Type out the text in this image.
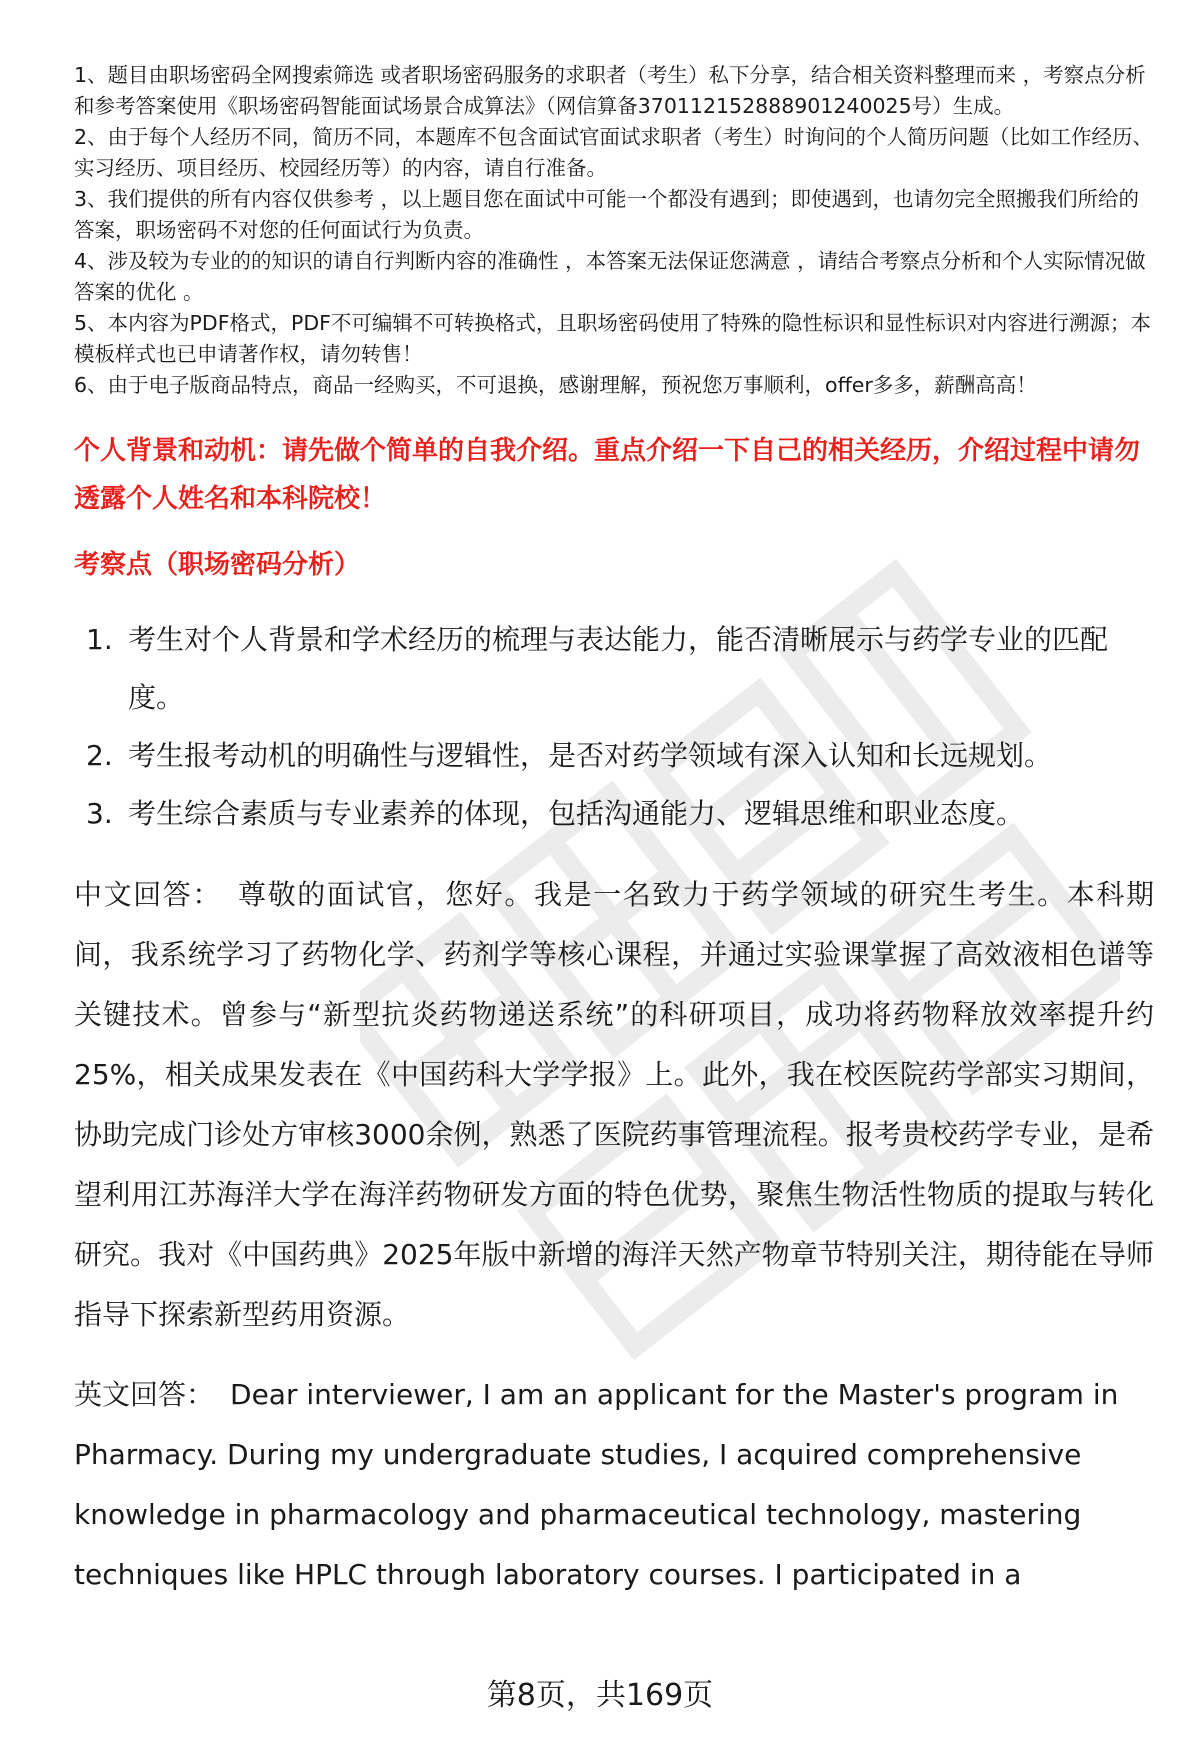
1、题目由职场密码全网搜索筛选 或者职场密码服务的求职者（考生）私下分享，结合相关资料整理而来 ，考察点分析和参考答案使用《职场密码智能面试场景合成算法》（网信算备370112152888901240025号）生成。

2、由于每个人经历不同，简历不同，本题库不包含面试官面试求职者（考生）时询问的个人简历问题（比如工作经历、实习经历、项目经历、校园经历等）的内容，请自行准备。

3、我们提供的所有内容仅供参考 ，以上题目您在面试中可能一个都没有遇到；即使遇到，也请勿完全照搬我们所给的答案，职场密码不对您的任何面试行为负责。

4、涉及较为专业的的知识的请自行判断内容的准确性 ，本答案无法保证您满意 ，请结合考察点分析和个人实际情况做答案的优化 。

5、本内容为PDF格式，PDF不可编辑不可转换格式，且职场密码使用了特殊的隐性标识和显性标识对内容进行溯源；本模板样式也已申请著作权，请勿转售！

6、由于电子版商品特点，商品一经购买，不可退换，感谢理解，预祝您万事顺利，offer多多，薪酬高高！

个人背景和动机：请先做个简单的自我介绍。重点介绍一下自己的相关经历，介绍过程中请勿透露个人姓名和本科院校！
考察点（职场密码分析）
1. 考生对个人背景和学术经历的梳理与表达能力，能否清晰展示与药学专业的匹配度。
2. 考生报考动机的明确性与逻辑性，是否对药学领域有深入认知和长远规划。
3. 考生综合素质与专业素养的体现，包括沟通能力、逻辑思维和职业态度。
中文回答： 尊敬的面试官，您好。我是一名致力于药学领域的研究生考生。本科期间，我系统学习了药物化学、药剂学等核心课程，并通过实验课掌握了高效液相色谱等关键技术。曾参与“新型抗炎药物递送系统”的科研项目，成功将药物释放效率提升约25%，相关成果发表在《中国药科大学学报》上。此外，我在校医院药学部实习期间，协助完成门诊处方审核3000余例，熟悉了医院药事管理流程。报考贵校药学专业，是希望利用江苏海洋大学在海洋药物研发方面的特色优势，聚焦生物活性物质的提取与转化研究。我对《中国药典》2025年版中新增的海洋天然产物章节特别关注，期待能在导师指导下探索新型药用资源。
英文回答： Dear interviewer, I am an applicant for the Master's program in Pharmacy. During my undergraduate studies, I acquired comprehensive knowledge in pharmacology and pharmaceutical technology, mastering techniques like HPLC through laboratory courses. I participated in a
第8页，共169页
